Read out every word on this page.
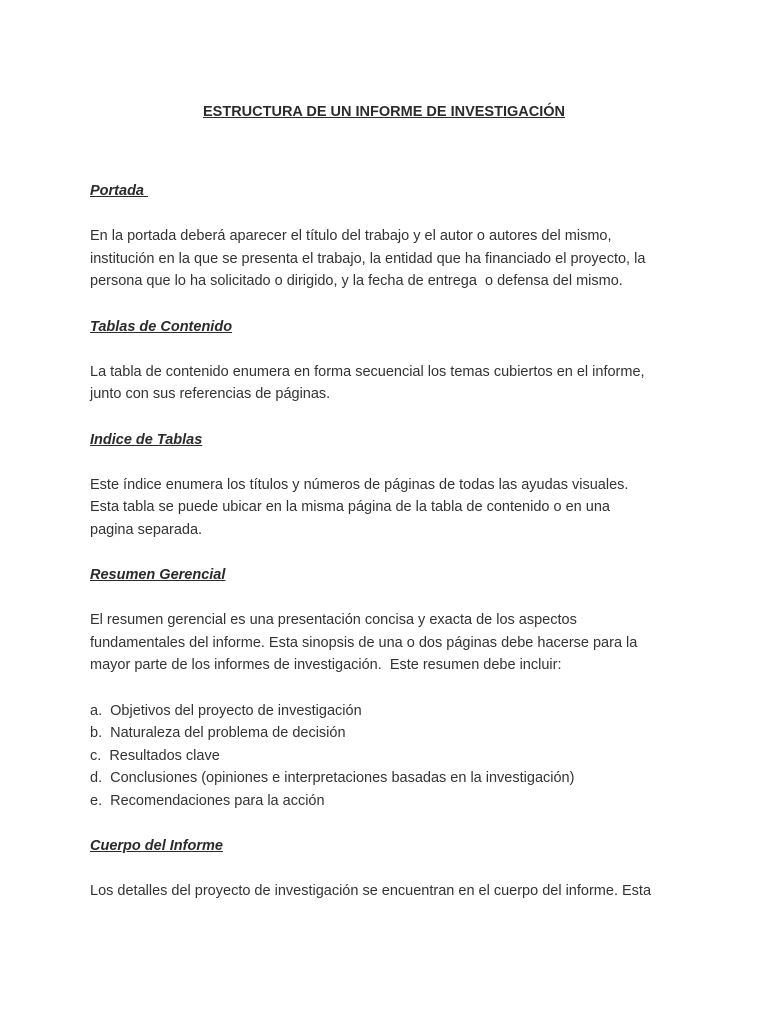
ESTRUCTURA DE UN INFORME DE INVESTIGACIÓN
Portada

En la portada deberá aparecer el título del trabajo y el autor o autores del mismo,
institución en la que se presenta el trabajo, la entidad que ha financiado el proyecto, la
persona que lo ha solicitado o dirigido, y la fecha de entrega  o defensa del mismo.

Tablas de Contenido

La tabla de contenido enumera en forma secuencial los temas cubiertos en el informe,
junto con sus referencias de páginas.

Indice de Tablas

Este índice enumera los títulos y números de páginas de todas las ayudas visuales.
Esta tabla se puede ubicar en la misma página de la tabla de contenido o en una
pagina separada.

Resumen Gerencial

El resumen gerencial es una presentación concisa y exacta de los aspectos
fundamentales del informe. Esta sinopsis de una o dos páginas debe hacerse para la
mayor parte de los informes de investigación.  Este resumen debe incluir:

a.  Objetivos del proyecto de investigación
b.  Naturaleza del problema de decisión
c.  Resultados clave
d.  Conclusiones (opiniones e interpretaciones basadas en la investigación)
e.  Recomendaciones para la acción
Cuerpo del Informe

Los detalles del proyecto de investigación se encuentran en el cuerpo del informe. Esta
